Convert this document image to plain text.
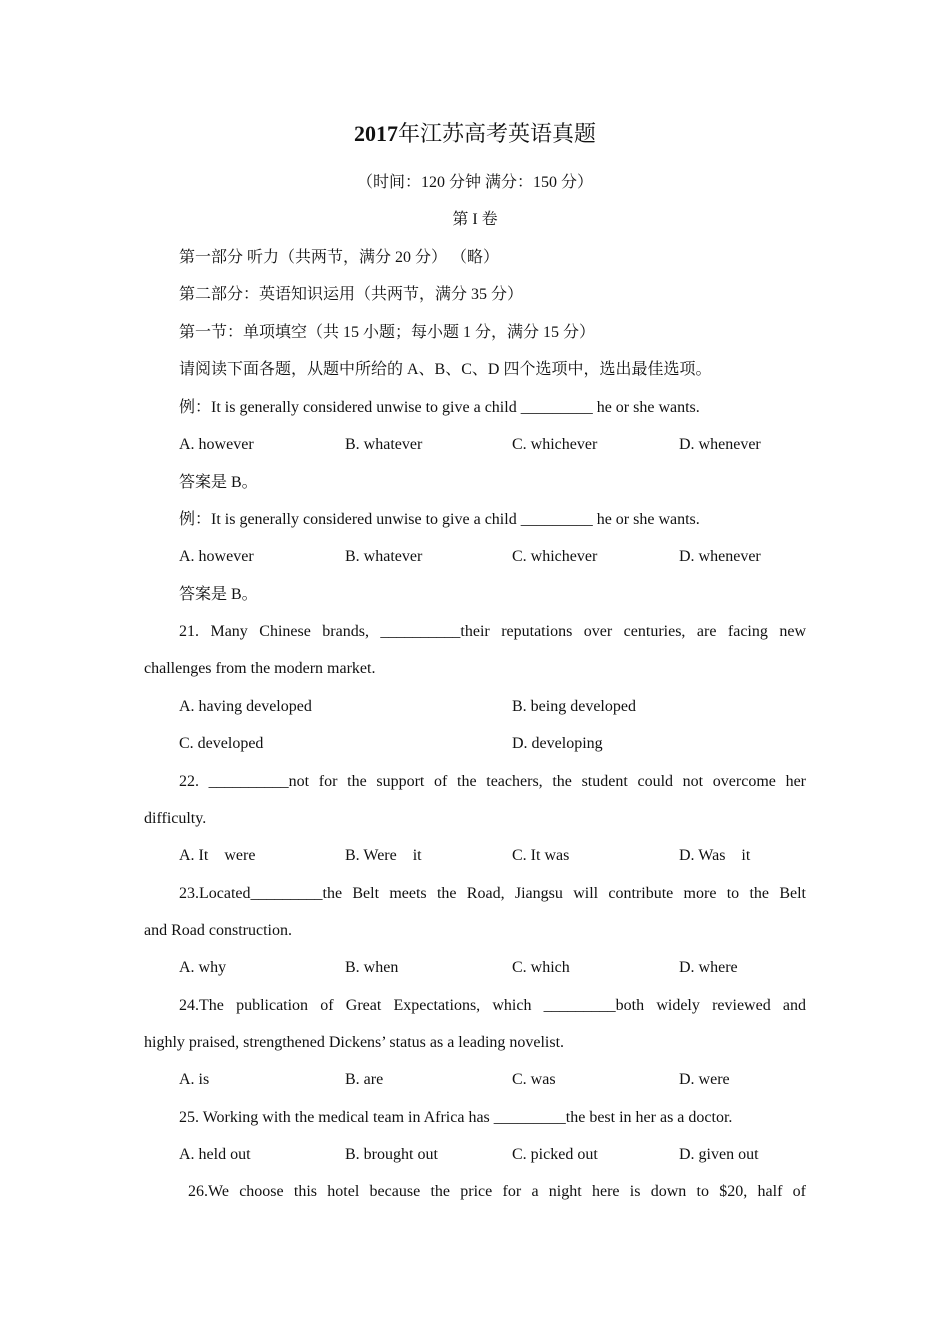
2017年江苏高考英语真题
（时间：120 分钟 满分：150 分）
第 I 卷
第一部分 听力（共两节，满分 20 分） （略）
第二部分：英语知识运用（共两节，满分 35 分）
第一节：单项填空（共 15 小题；每小题 1 分，满分 15 分）
请阅读下面各题，从题中所给的 A、B、C、D 四个选项中，选出最佳选项。
例：It is generally considered unwise to give a child _________ he or she wants.
A. however	B. whatever	C. whichever	D. whenever
答案是 B。
例：It is generally considered unwise to give a child _________ he or she wants.
A. however	B. whatever	C. whichever	D. whenever
答案是 B。
21. Many Chinese brands, __________their reputations over centuries, are facing new
challenges from the modern market.
A. having developed	B. being developed
C. developed	D. developing
22. __________not for the support of the teachers, the student could not overcome her
difficulty.
A. It    were	B. Were    it	C. It was	D. Was    it
23.Located_________the Belt meets the Road, Jiangsu will contribute more to the Belt
and Road construction.
A. why	B. when	C. which	D. where
24.The publication of Great Expectations, which _________both widely reviewed and
highly praised, strengthened Dickens’ status as a leading novelist.
A. is	B. are	C. was	D. were
25. Working with the medical team in Africa has _________the best in her as a doctor.
A. held out	B. brought out	C. picked out	D. given out
26.We choose this hotel because the price for a night here is down to $20, half of
